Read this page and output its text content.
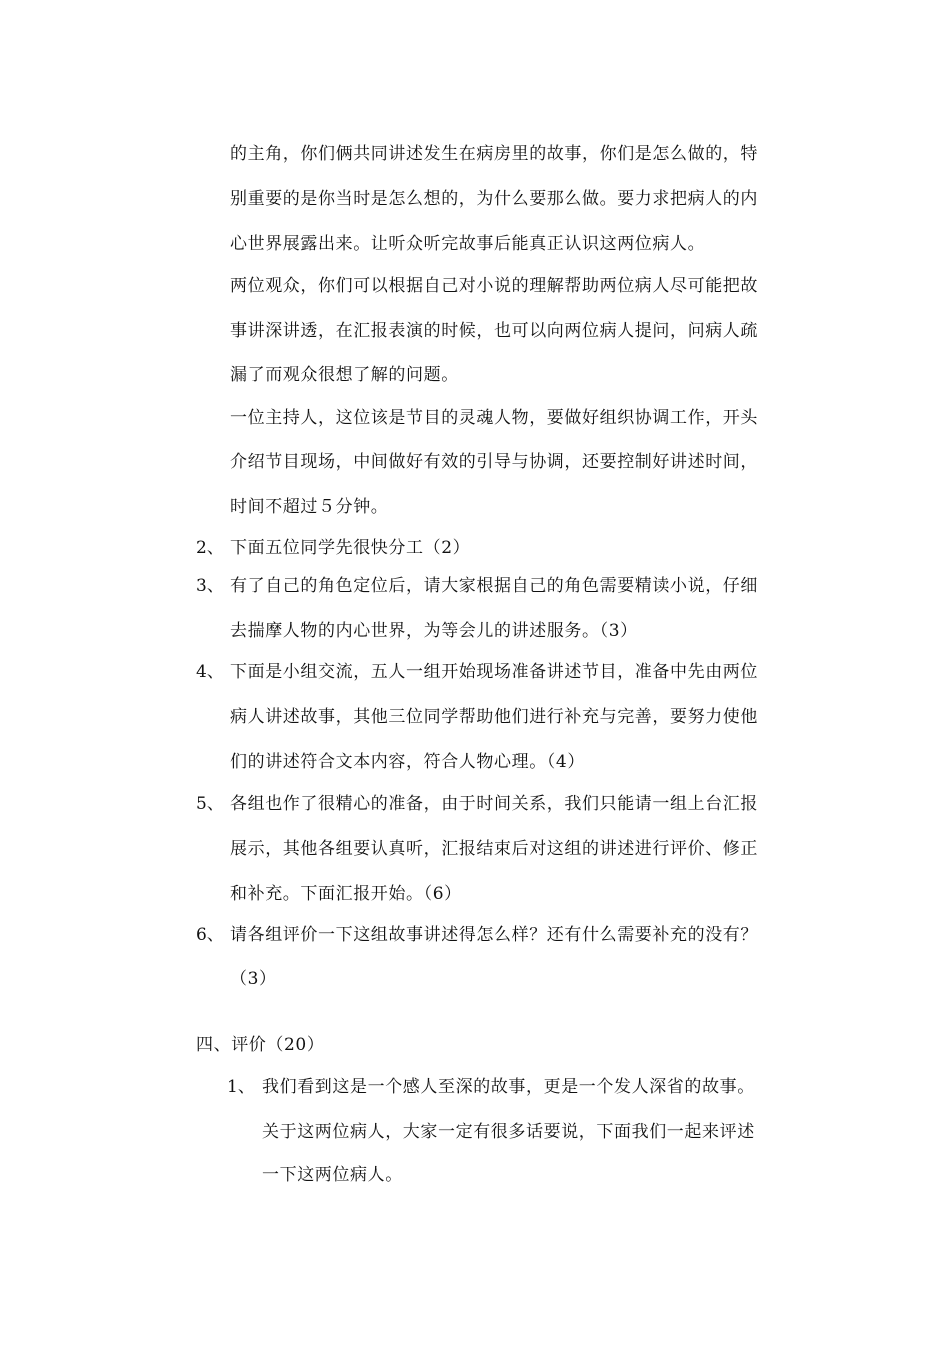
的主角，你们俩共同讲述发生在病房里的故事，你们是怎么做的，特
别重要的是你当时是怎么想的，为什么要那么做。要力求把病人的内
心世界展露出来。让听众听完故事后能真正认识这两位病人。
两位观众，你们可以根据自己对小说的理解帮助两位病人尽可能把故
事讲深讲透，在汇报表演的时候，也可以向两位病人提问，问病人疏
漏了而观众很想了解的问题。
一位主持人，这位该是节目的灵魂人物，要做好组织协调工作，开头
介绍节目现场，中间做好有效的引导与协调，还要控制好讲述时间，
时间不超过５分钟。
2、 下面五位同学先很快分工（2）
3、 有了自己的角色定位后，请大家根据自己的角色需要精读小说，仔细
去揣摩人物的内心世界，为等会儿的讲述服务。（3）
4、 下面是小组交流，五人一组开始现场准备讲述节目，准备中先由两位
病人讲述故事，其他三位同学帮助他们进行补充与完善，要努力使他
们的讲述符合文本内容，符合人物心理。（4）
5、 各组也作了很精心的准备，由于时间关系，我们只能请一组上台汇报
展示，其他各组要认真听，汇报结束后对这组的讲述进行评价、修正
和补充。下面汇报开始。（6）
6、 请各组评价一下这组故事讲述得怎么样？还有什么需要补充的没有？
（3）
四、评价（20）
1、 我们看到这是一个感人至深的故事，更是一个发人深省的故事。
关于这两位病人，大家一定有很多话要说，下面我们一起来评述
一下这两位病人。
